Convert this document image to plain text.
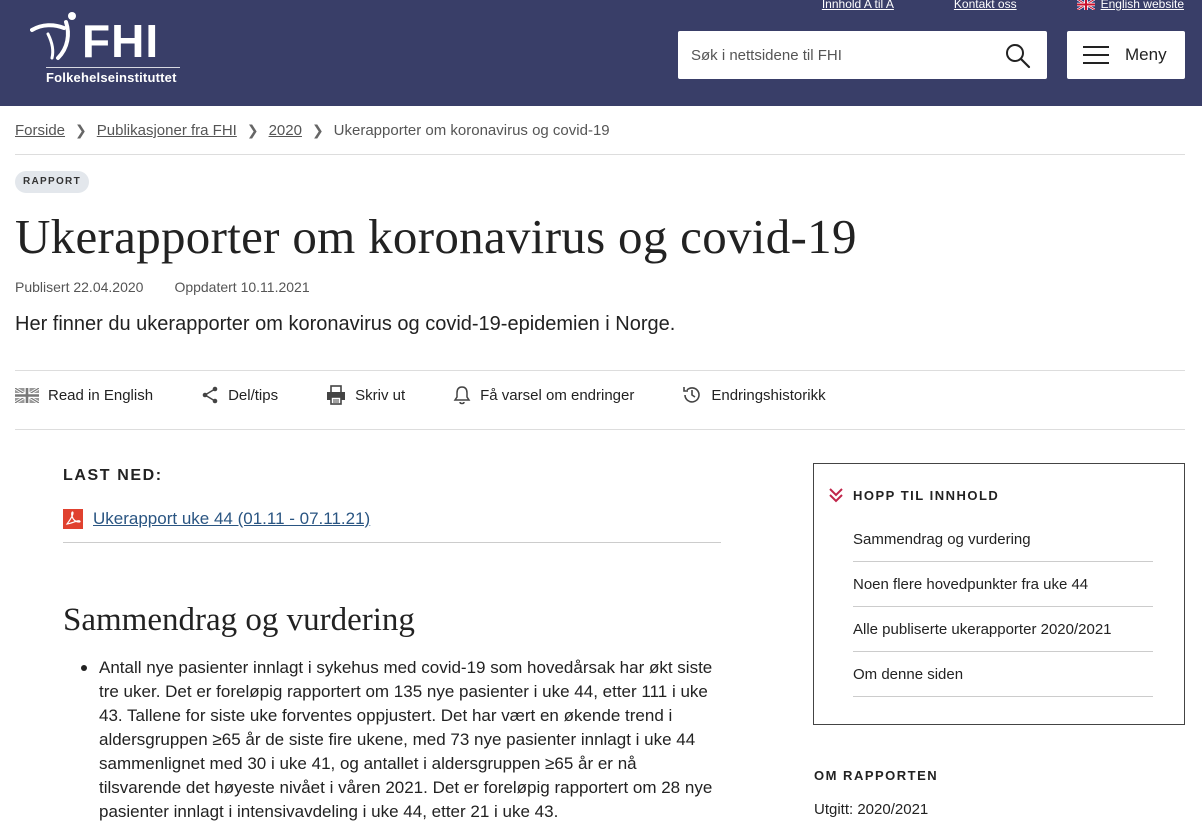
FHI
Folkehelseinstituttet
Innhold A til A	Kontakt oss	English website
Søk i nettsidene til FHI
Meny
Forside ❯ Publikasjoner fra FHI ❯ 2020 ❯ Ukerapporter om koronavirus og covid-19
RAPPORT
Ukerapporter om koronavirus og covid-19
Publisert 22.04.2020 Oppdatert 10.11.2021

Her finner du ukerapporter om koronavirus og covid-19-epidemien i Norge.

Read in English	Del/tips	Skriv ut	Få varsel om endringer	Endringshistorikk
LAST NED:
Ukerapport uke 44 (01.11 - 07.11.21)
Sammendrag og vurdering
Antall nye pasienter innlagt i sykehus med covid-19 som hovedårsak har økt siste tre uker. Det er foreløpig rapportert om 135 nye pasienter i uke 44, etter 111 i uke 43. Tallene for siste uke forventes oppjustert. Det har vært en økende trend i aldersgruppen ≥65 år de siste fire ukene, med 73 nye pasienter innlagt i uke 44 sammenlignet med 30 i uke 41, og antallet i aldersgruppen ≥65 år er nå tilsvarende det høyeste nivået i våren 2021. Det er foreløpig rapportert om 28 nye pasienter innlagt i intensivavdeling i uke 44, etter 21 i uke 43.
HOPP TIL INNHOLD
Sammendrag og vurdering
Noen flere hovedpunkter fra uke 44
Alle publiserte ukerapporter 2020/2021
Om denne siden
OM RAPPORTEN
Utgitt: 2020/2021
